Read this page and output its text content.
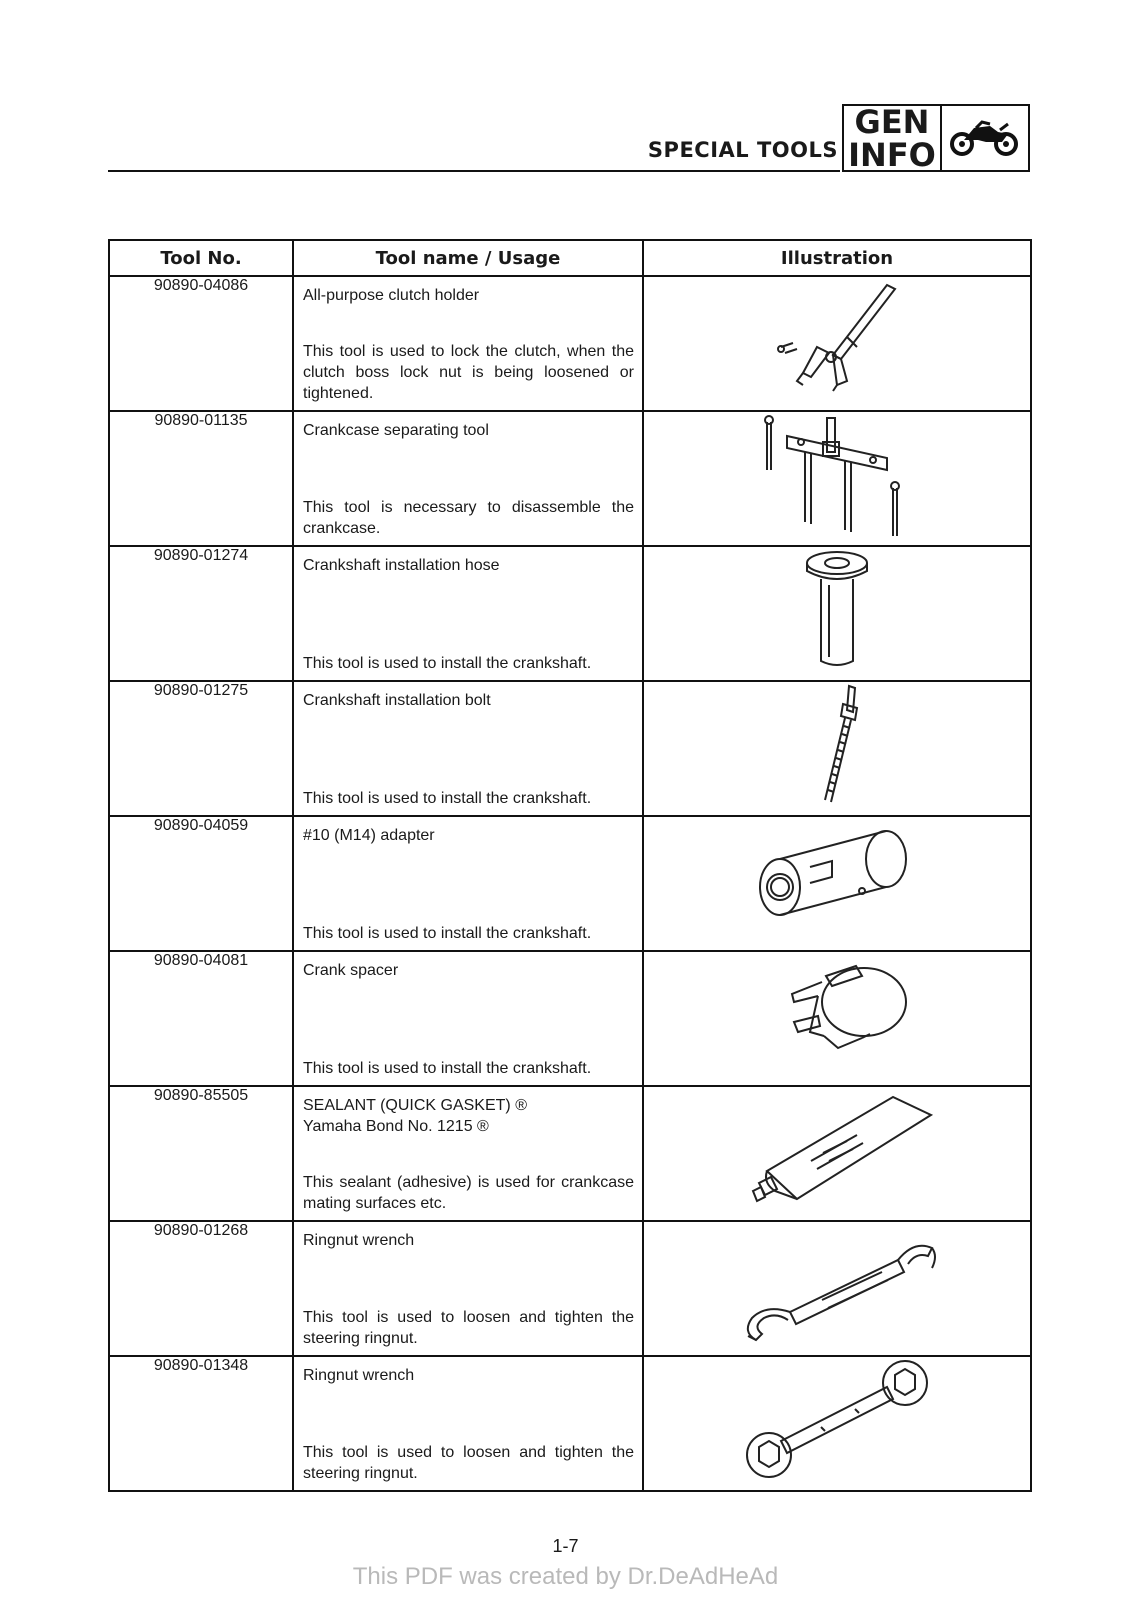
SPECIAL TOOLS
GEN
INFO
Tool No.	Tool name / Usage	Illustration
90890-04086	All-purpose clutch holder
This tool is used to lock the clutch, when the clutch boss lock nut is being loosened or tightened.

90890-01135	Crankcase separating tool
This tool is necessary to disassemble the crankcase.

90890-01274	Crankshaft installation hose
This tool is used to install the crankshaft.

90890-01275	Crankshaft installation bolt
This tool is used to install the crankshaft.

90890-04059	#10 (M14) adapter
This tool is used to install the crankshaft.

90890-04081	Crank spacer
This tool is used to install the crankshaft.

90890-85505	SEALANT (QUICK GASKET) ®
Yamaha Bond No. 1215 ®
This sealant (adhesive) is used for crankcase mating surfaces etc.

90890-01268	Ringnut wrench
This tool is used to loosen and tighten the steering ringnut.

90890-01348	Ringnut wrench
This tool is used to loosen and tighten the steering ringnut.

1-7
This PDF was created by Dr.DeAdHeAd
